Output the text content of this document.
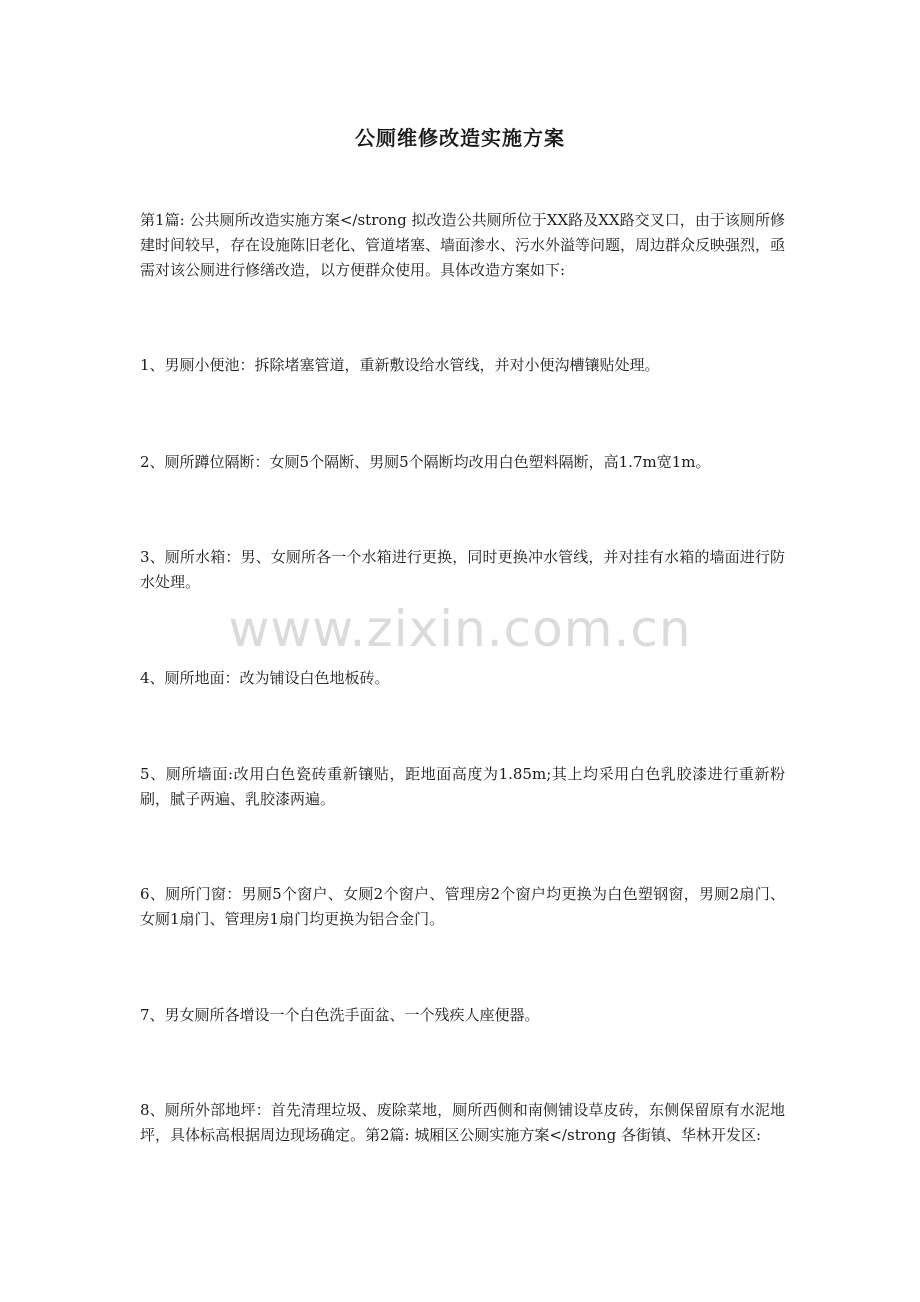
公厕维修改造实施方案
第1篇: 公共厕所改造实施方案</strong 拟改造公共厕所位于XX路及XX路交叉口，由于该厕所修建时间较早，存在设施陈旧老化、管道堵塞、墙面渗水、污水外溢等问题，周边群众反映强烈，亟需对该公厕进行修缮改造，以方便群众使用。具体改造方案如下:
1、男厕小便池：拆除堵塞管道，重新敷设给水管线，并对小便沟槽镶贴处理。
2、厕所蹲位隔断：女厕5个隔断、男厕5个隔断均改用白色塑料隔断，高1.7m宽1m。
3、厕所水箱：男、女厕所各一个水箱进行更换，同时更换冲水管线，并对挂有水箱的墙面进行防水处理。
4、厕所地面：改为铺设白色地板砖。
5、厕所墙面:改用白色瓷砖重新镶贴，距地面高度为1.85m;其上均采用白色乳胶漆进行重新粉刷，腻子两遍、乳胶漆两遍。
6、厕所门窗：男厕5个窗户、女厕2个窗户、管理房2个窗户均更换为白色塑钢窗，男厕2扇门、女厕1扇门、管理房1扇门均更换为铝合金门。
7、男女厕所各增设一个白色洗手面盆、一个残疾人座便器。
8、厕所外部地坪：首先清理垃圾、废除菜地，厕所西侧和南侧铺设草皮砖，东侧保留原有水泥地坪，具体标高根据周边现场确定。第2篇: 城厢区公厕实施方案</strong 各街镇、华林开发区:
www.zixin.com.cn
